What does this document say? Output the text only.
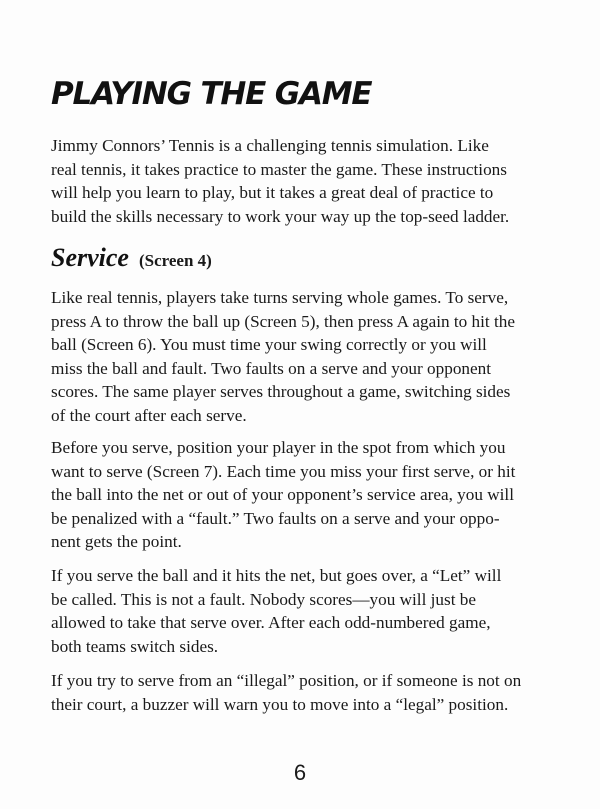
PLAYING THE GAME

Jimmy Connors’ Tennis is a challenging tennis simulation. Like
real tennis, it takes practice to master the game. These instructions
will help you learn to play, but it takes a great deal of practice to
build the skills necessary to work your way up the top-seed ladder.

Service (Screen 4)

Like real tennis, players take turns serving whole games. To serve,
press A to throw the ball up (Screen 5), then press A again to hit the
ball (Screen 6). You must time your swing correctly or you will
miss the ball and fault. Two faults on a serve and your opponent
scores. The same player serves throughout a game, switching sides
of the court after each serve.

Before you serve, position your player in the spot from which you
want to serve (Screen 7). Each time you miss your first serve, or hit
the ball into the net or out of your opponent’s service area, you will
be penalized with a “fault.” Two faults on a serve and your oppo-
nent gets the point.

If you serve the ball and it hits the net, but goes over, a “Let” will
be called. This is not a fault. Nobody scores—you will just be
allowed to take that serve over. After each odd-numbered game,
both teams switch sides.

If you try to serve from an “illegal” position, or if someone is not on
their court, a buzzer will warn you to move into a “legal” position.

6
